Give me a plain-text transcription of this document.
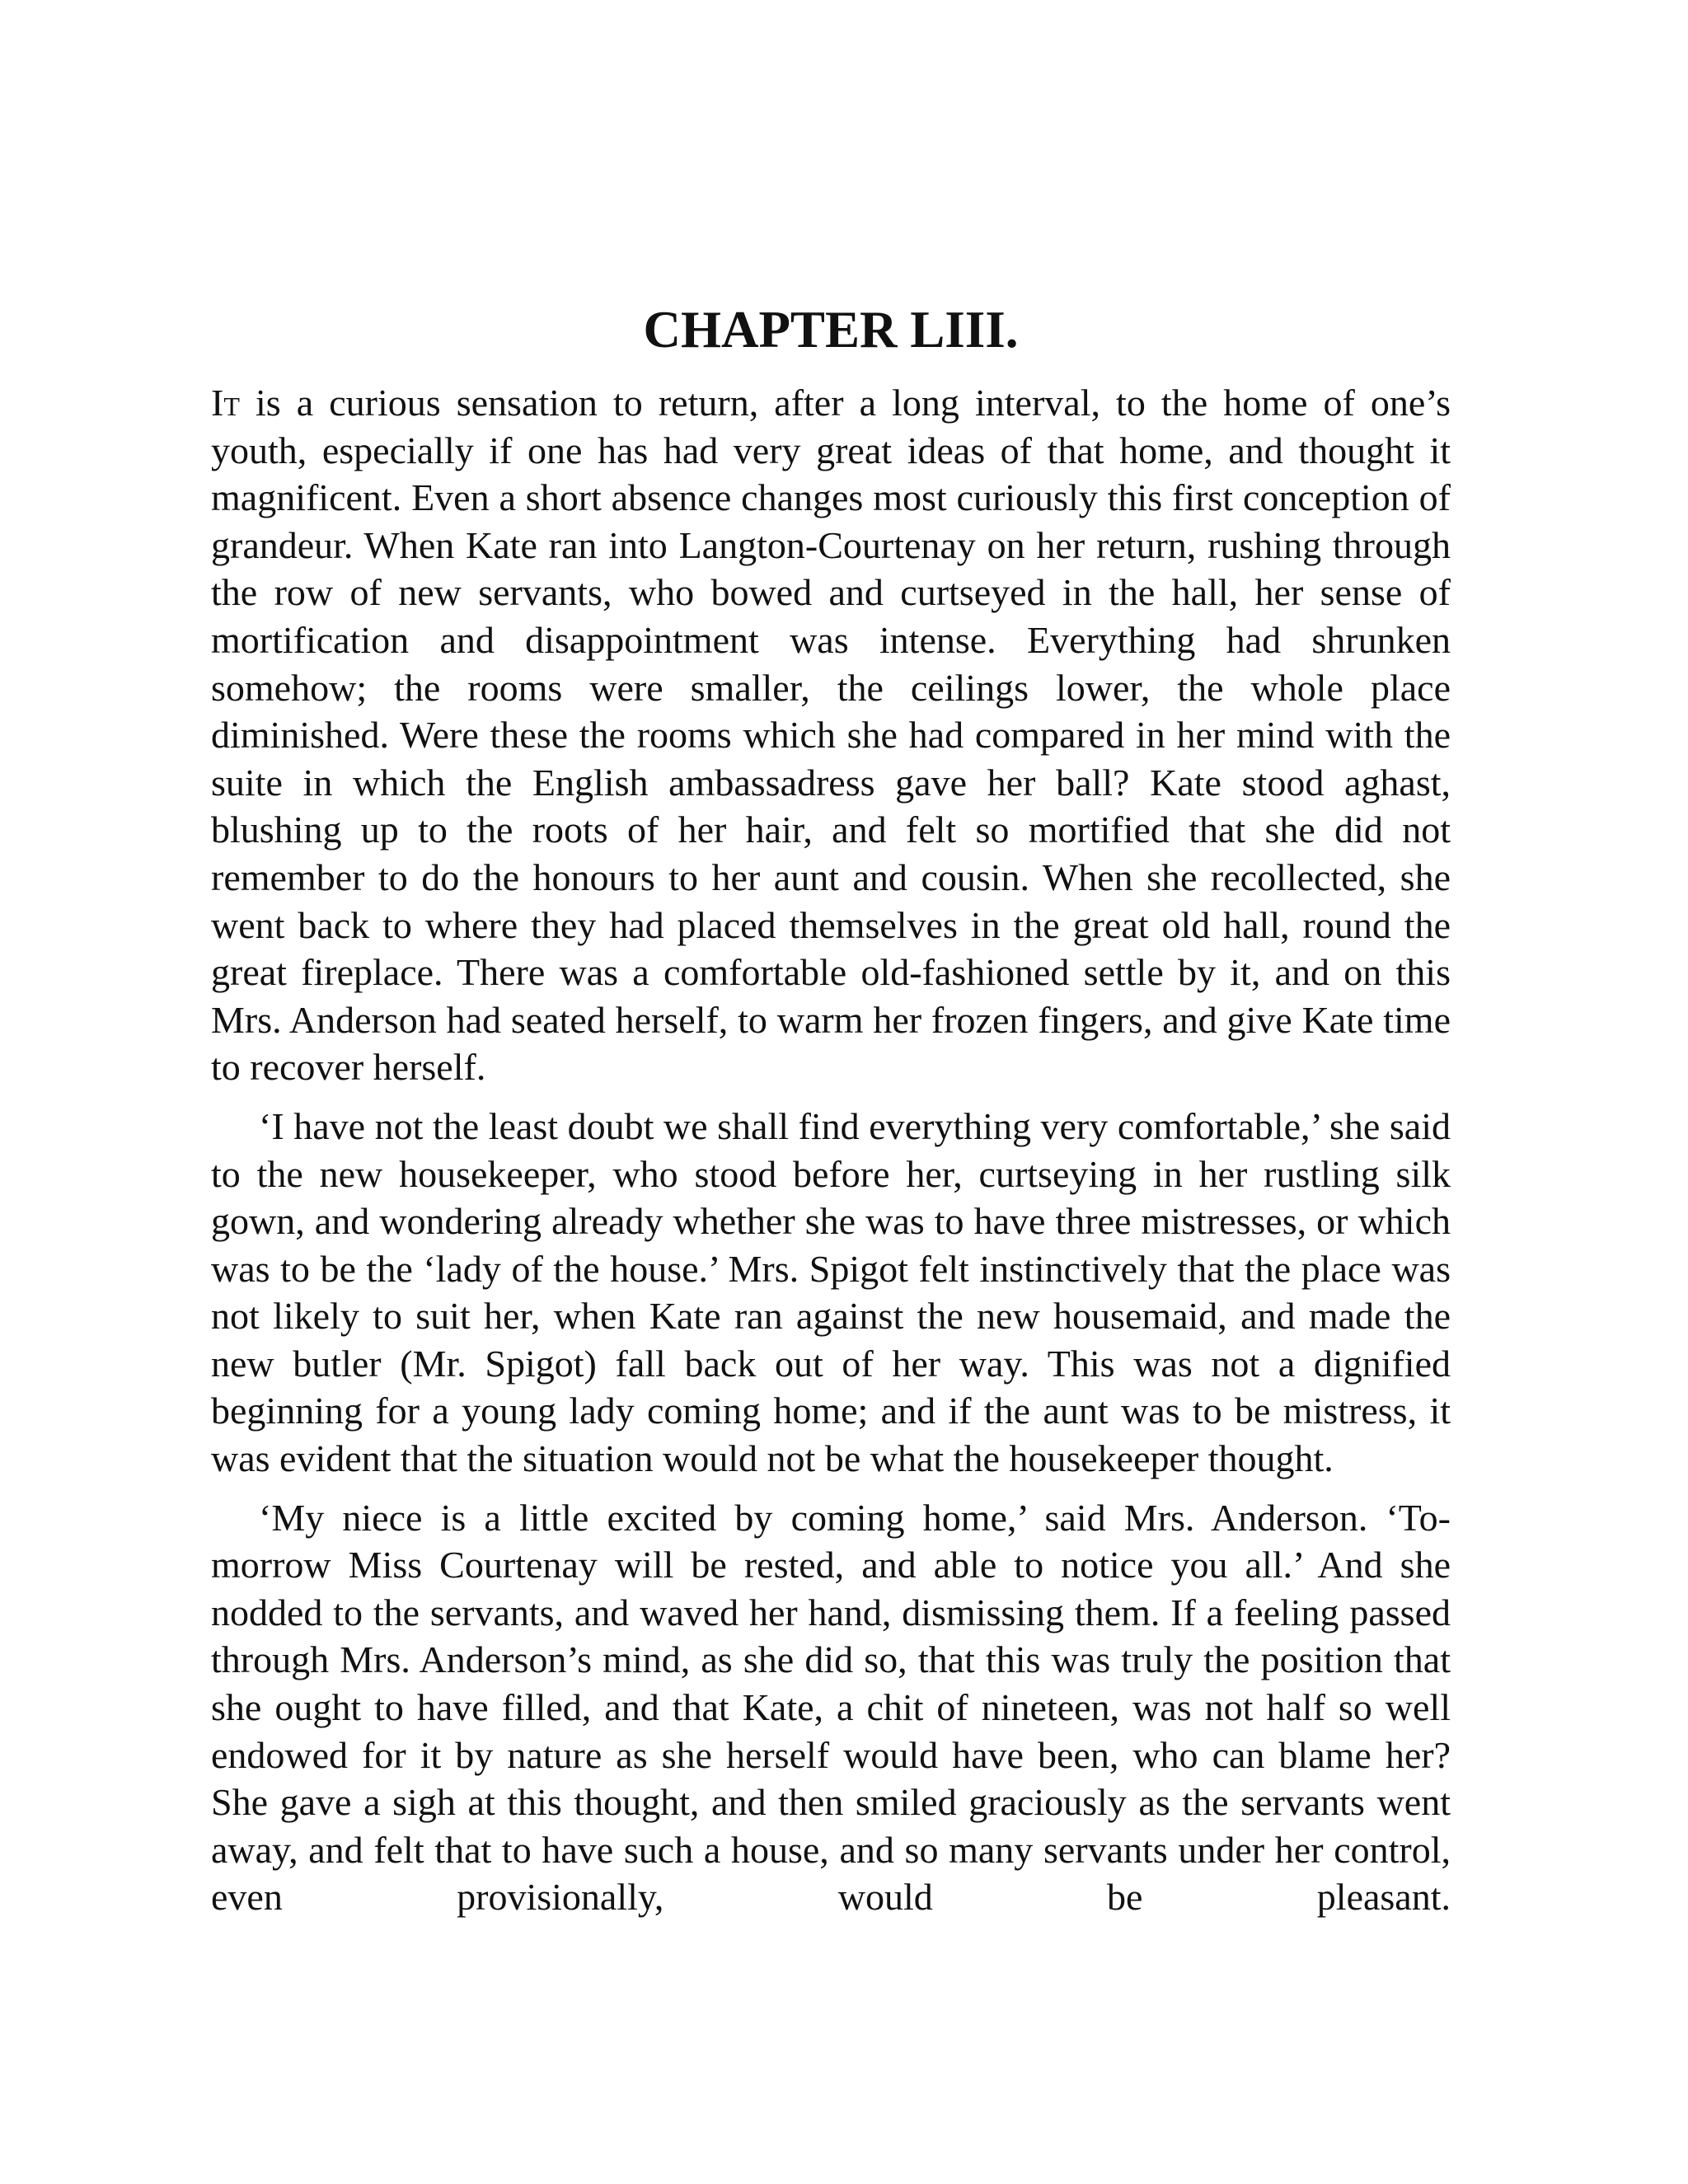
CHAPTER LIII.

It is a curious sensation to return, after a long interval, to the home of one’s youth, especially if one has had very great ideas of that home, and thought it magnificent. Even a short absence changes most curiously this first conception of grandeur. When Kate ran into Langton-Courtenay on her return, rushing through the row of new servants, who bowed and curtseyed in the hall, her sense of mortification and disappointment was intense. Everything had shrunken somehow; the rooms were smaller, the ceilings lower, the whole place diminished. Were these the rooms which she had compared in her mind with the suite in which the English ambassadress gave her ball? Kate stood aghast, blushing up to the roots of her hair, and felt so mortified that she did not remember to do the honours to her aunt and cousin. When she recollected, she went back to where they had placed themselves in the great old hall, round the great fireplace. There was a comfortable old-fashioned settle by it, and on this Mrs. Anderson had seated herself, to warm her frozen fingers, and give Kate time to recover herself.

‘I have not the least doubt we shall find everything very comfortable,’ she said to the new housekeeper, who stood before her, curtseying in her rustling silk gown, and wondering already whether she was to have three mistresses, or which was to be the ‘lady of the house.’ Mrs. Spigot felt instinctively that the place was not likely to suit her, when Kate ran against the new housemaid, and made the new butler (Mr. Spigot) fall back out of her way. This was not a dignified beginning for a young lady coming home; and if the aunt was to be mistress, it was evident that the situation would not be what the housekeeper thought.

‘My niece is a little excited by coming home,’ said Mrs. Anderson. ‘To-morrow Miss Courtenay will be rested, and able to notice you all.’ And she nodded to the servants, and waved her hand, dismissing them. If a feeling passed through Mrs. Anderson’s mind, as she did so, that this was truly the position that she ought to have filled, and that Kate, a chit of nineteen, was not half so well endowed for it by nature as she herself would have been, who can blame her? She gave a sigh at this thought, and then smiled graciously as the servants went away, and felt that to have such a house, and so many servants under her control, even provisionally, would be pleasant.
